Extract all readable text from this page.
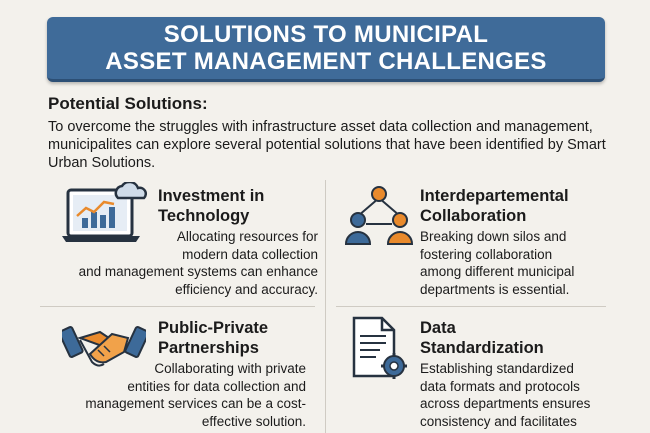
SOLUTIONS TO MUNICIPAL
ASSET MANAGEMENT CHALLENGES
Potential Solutions:
To overcome the struggles with infrastructure asset data collection and management, municipalites can explore several potential solutions that have been identified by Smart Urban Solutions.
Investment in
Technology
Allocating resources for
modern data collection
and management systems can enhance
efficiency and accuracy.
Interdepartemental
Collaboration
Breaking down silos and
fostering collaboration
among different municipal
departments is essential.
Public-Private
Partnerships
Collaborating with private
entities for data collection and
management services can be a cost-
effective solution.
Data
Standardization
Establishing standardized
data formats and protocols
across departments ensures
consistency and facilitates
